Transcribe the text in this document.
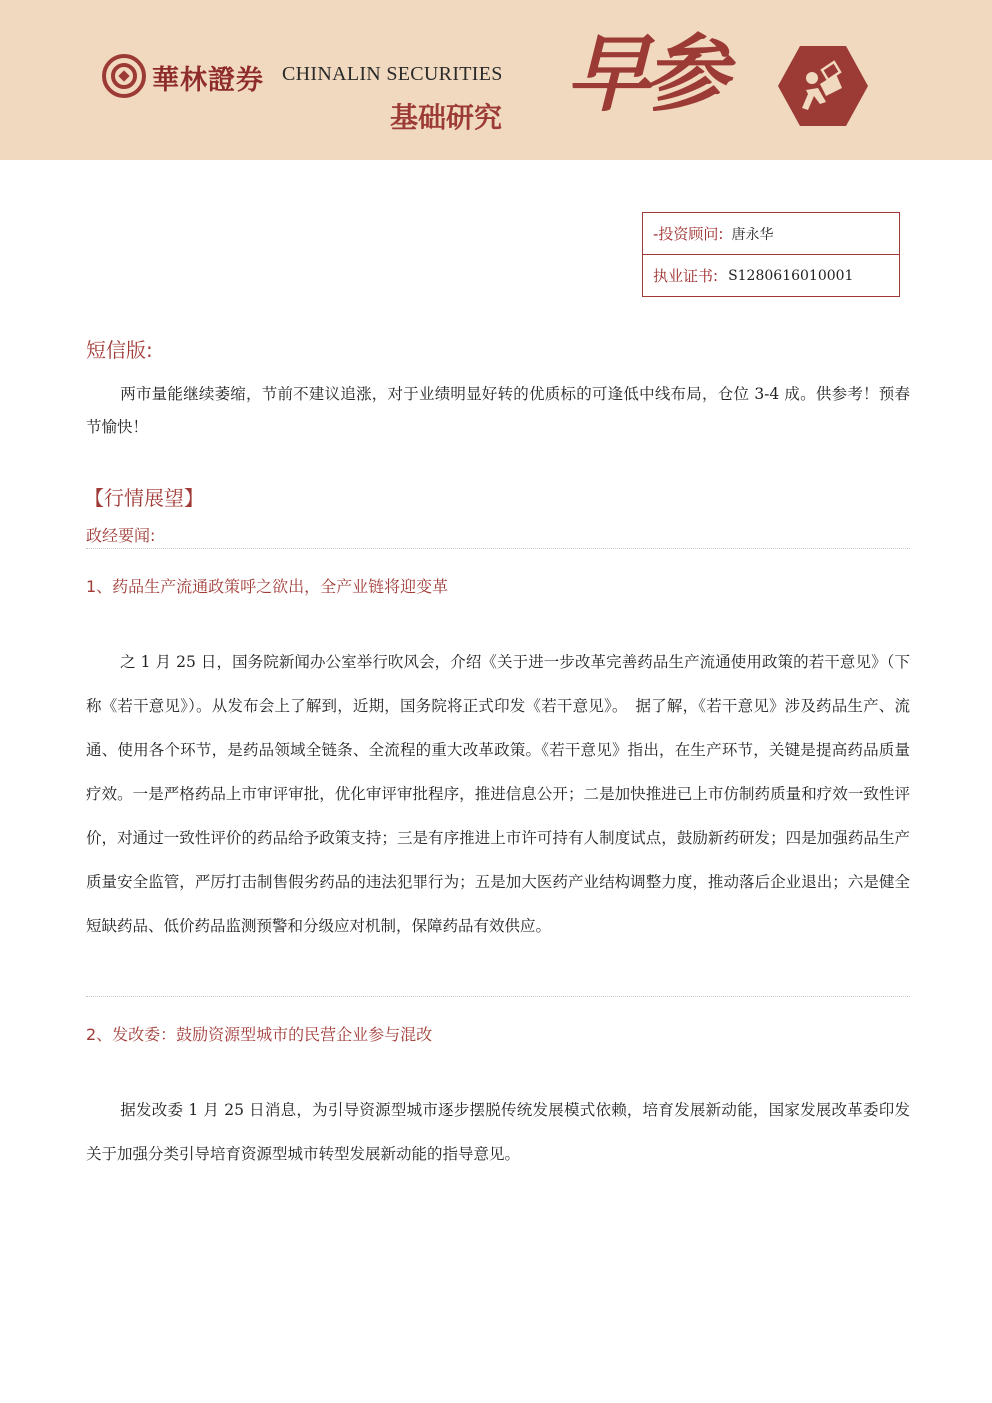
華林證券 CHINALIN SECURITIES
基础研究 早参
-投资顾问: 唐永华
执业证书: S1280616010001
短信版:

两市量能继续萎缩，节前不建议追涨，对于业绩明显好转的优质标的可逢低中线布局，仓位 3-4 成。供参考！预春节愉快！

【行情展望】
政经要闻:
1、药品生产流通政策呼之欲出，全产业链将迎变革

之 1 月 25 日，国务院新闻办公室举行吹风会，介绍《关于进一步改革完善药品生产流通使用政策的若干意见》（下称《若干意见》）。从发布会上了解到，近期，国务院将正式印发《若干意见》。　据了解，《若干意见》涉及药品生产、流通、使用各个环节，是药品领域全链条、全流程的重大改革政策。《若干意见》指出，在生产环节，关键是提高药品质量疗效。一是严格药品上市审评审批，优化审评审批程序，推进信息公开；二是加快推进已上市仿制药质量和疗效一致性评价，对通过一致性评价的药品给予政策支持；三是有序推进上市许可持有人制度试点，鼓励新药研发；四是加强药品生产质量安全监管，严厉打击制售假劣药品的违法犯罪行为；五是加大医药产业结构调整力度，推动落后企业退出；六是健全短缺药品、低价药品监测预警和分级应对机制，保障药品有效供应。

2、发改委：鼓励资源型城市的民营企业参与混改

据发改委 1 月 25 日消息，为引导资源型城市逐步摆脱传统发展模式依赖，培育发展新动能，国家发展改革委印发关于加强分类引导培育资源型城市转型发展新动能的指导意见。
